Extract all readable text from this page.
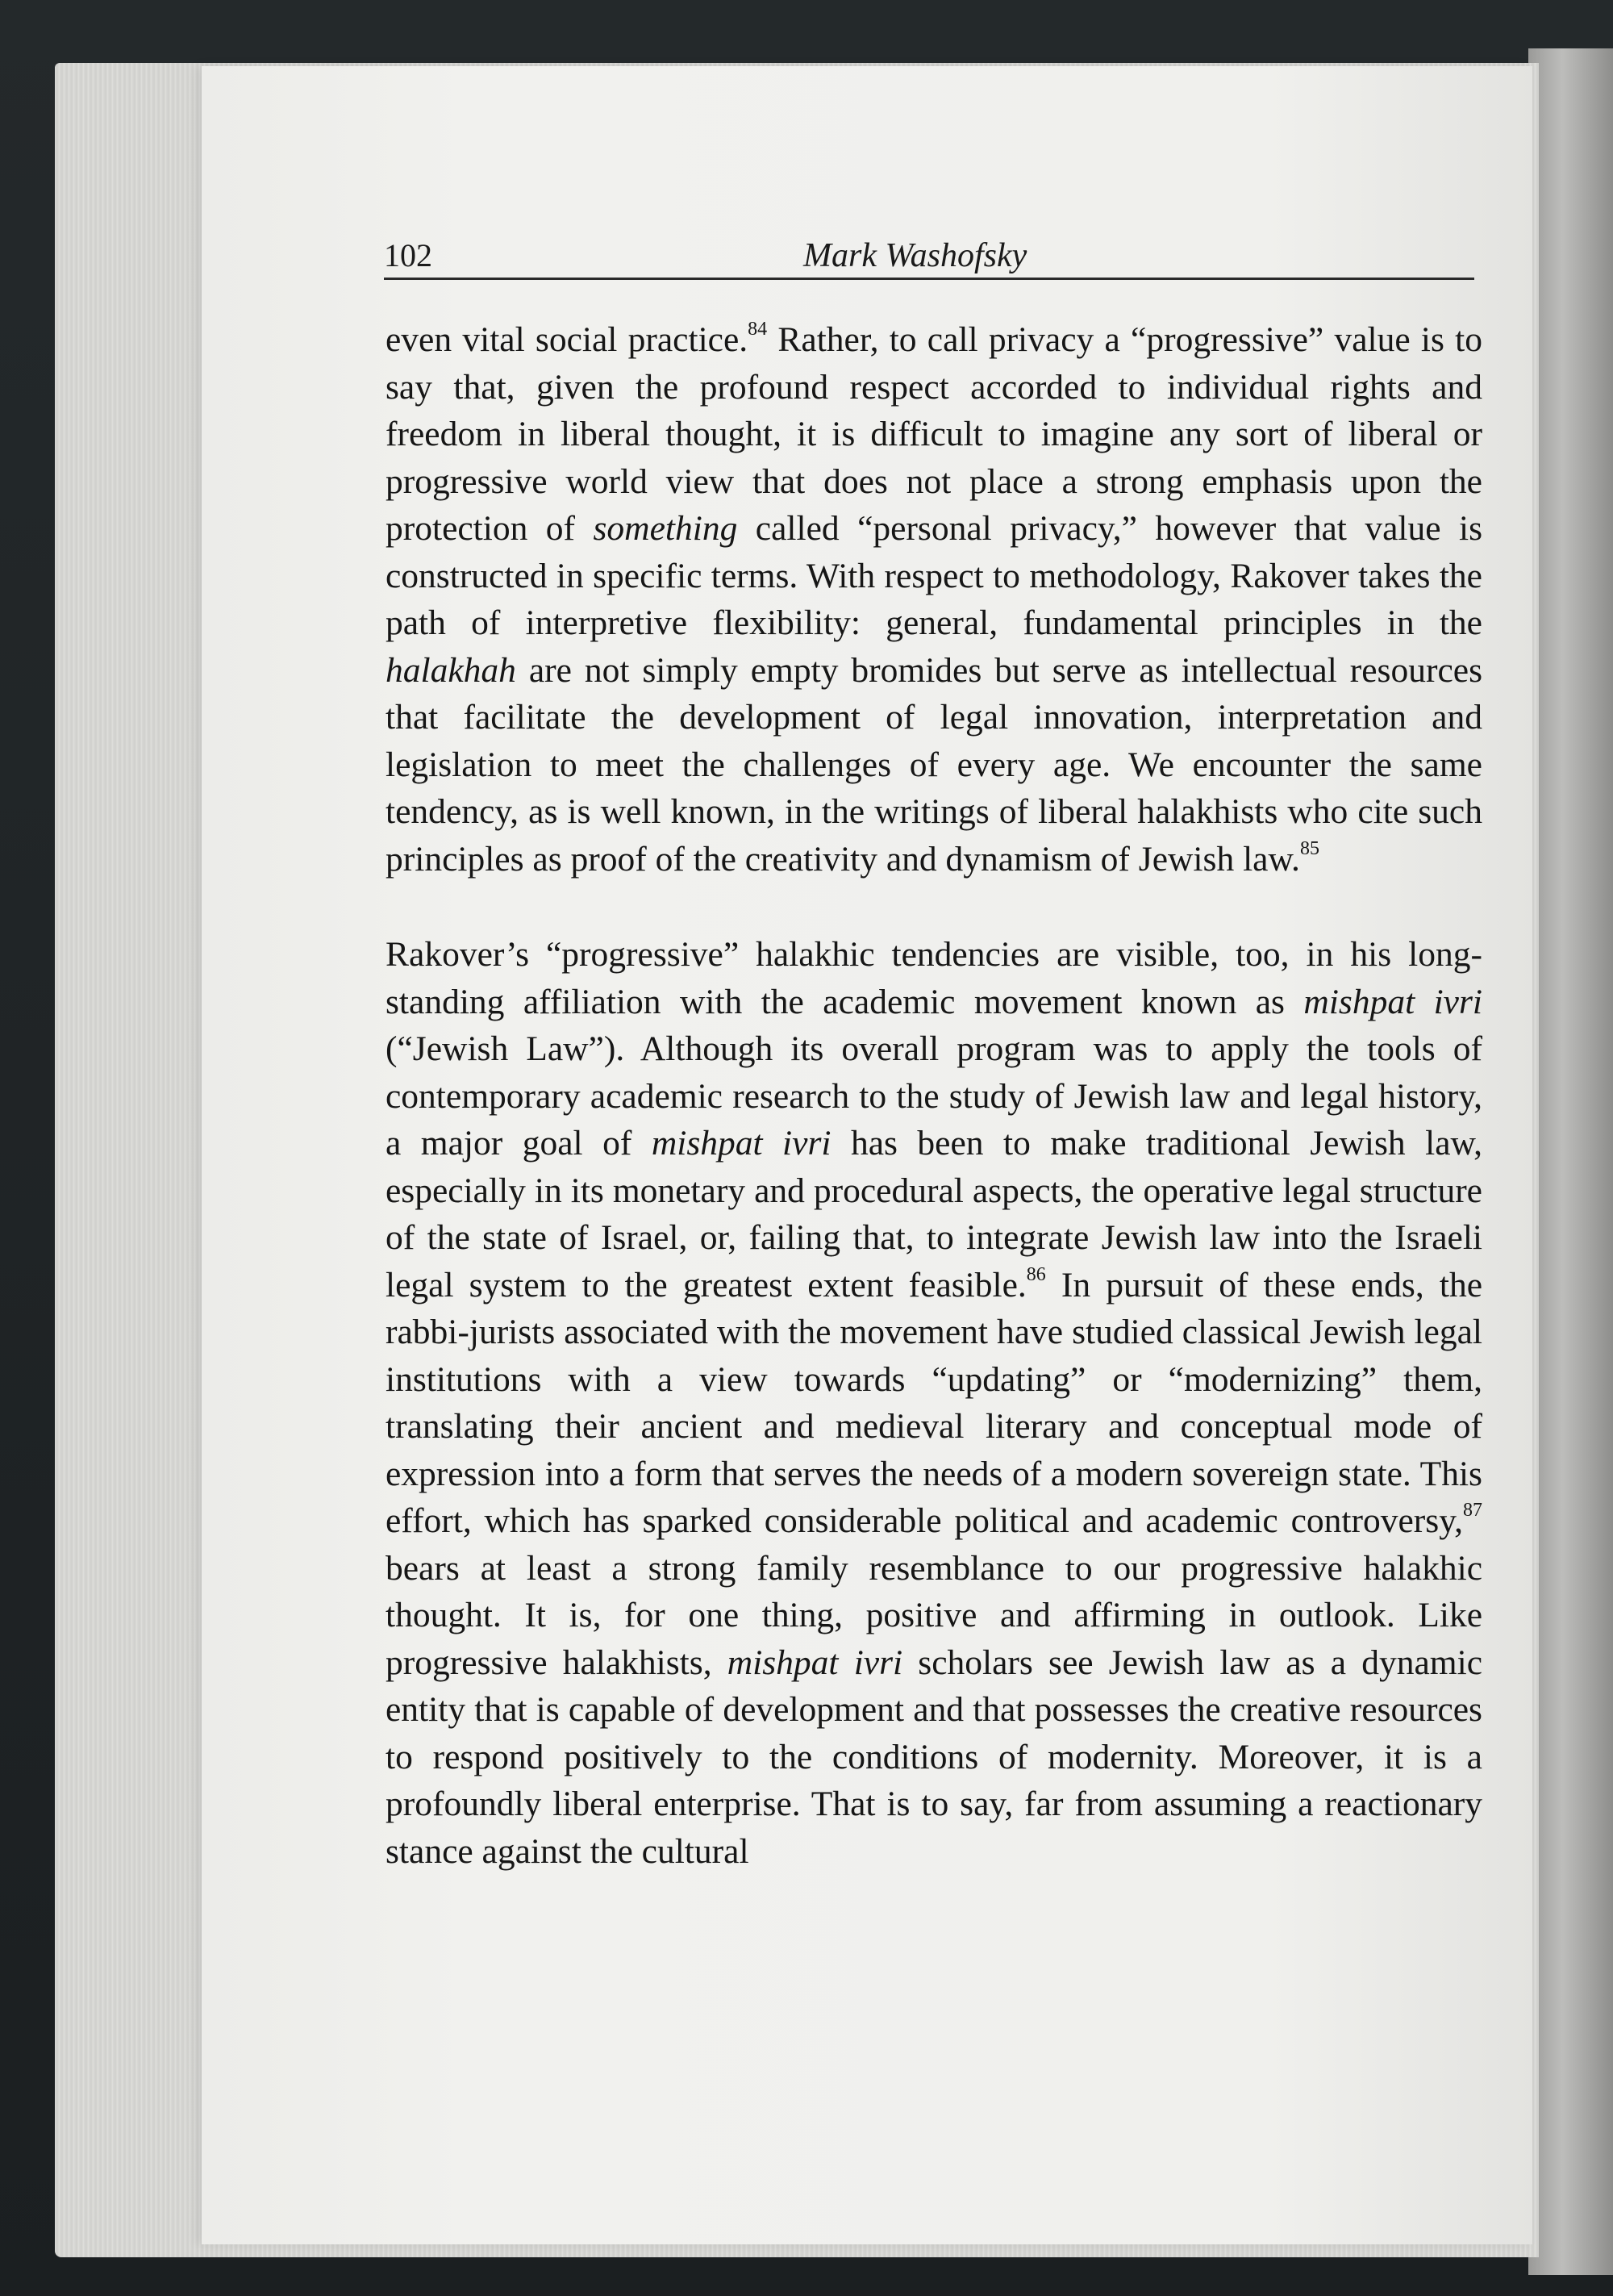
102	Mark Washofsky

even vital social practice.$^{84}$ Rather, to call privacy a “progressive” value is to say that, given the profound respect accorded to individual rights and freedom in liberal thought, it is difficult to imagine any sort of liberal or progressive world view that does not place a strong emphasis upon the protection of something called “personal privacy,” however that value is constructed in specific terms. With respect to methodology, Rakover takes the path of interpretive flexibility: general, fundamental principles in the halakhah are not simply empty bromides but serve as intellectual resources that facilitate the development of legal innovation, interpretation and legislation to meet the challenges of every age. We encounter the same tendency, as is well known, in the writings of liberal halakhists who cite such principles as proof of the creativity and dynamism of Jewish law.$^{85}$

Rakover’s “progressive” halakhic tendencies are visible, too, in his long-standing affiliation with the academic movement known as mishpat ivri (“Jewish Law”). Although its overall program was to apply the tools of contemporary academic research to the study of Jewish law and legal history, a major goal of mishpat ivri has been to make traditional Jewish law, especially in its monetary and procedural aspects, the operative legal structure of the state of Israel, or, failing that, to integrate Jewish law into the Israeli legal system to the greatest extent feasible.$^{86}$ In pursuit of these ends, the rabbi-jurists associated with the movement have studied classical Jewish legal institutions with a view towards “updating” or “modernizing” them, translating their ancient and medieval literary and conceptual mode of expression into a form that serves the needs of a modern sovereign state. This effort, which has sparked considerable political and academic controversy,$^{87}$ bears at least a strong family resemblance to our progressive halakhic thought. It is, for one thing, positive and affirming in outlook. Like progressive halakhists, mishpat ivri scholars see Jewish law as a dynamic entity that is capable of development and that possesses the creative resources to respond positively to the conditions of modernity. Moreover, it is a profoundly liberal enterprise. That is to say, far from assuming a reactionary stance against the cultural
